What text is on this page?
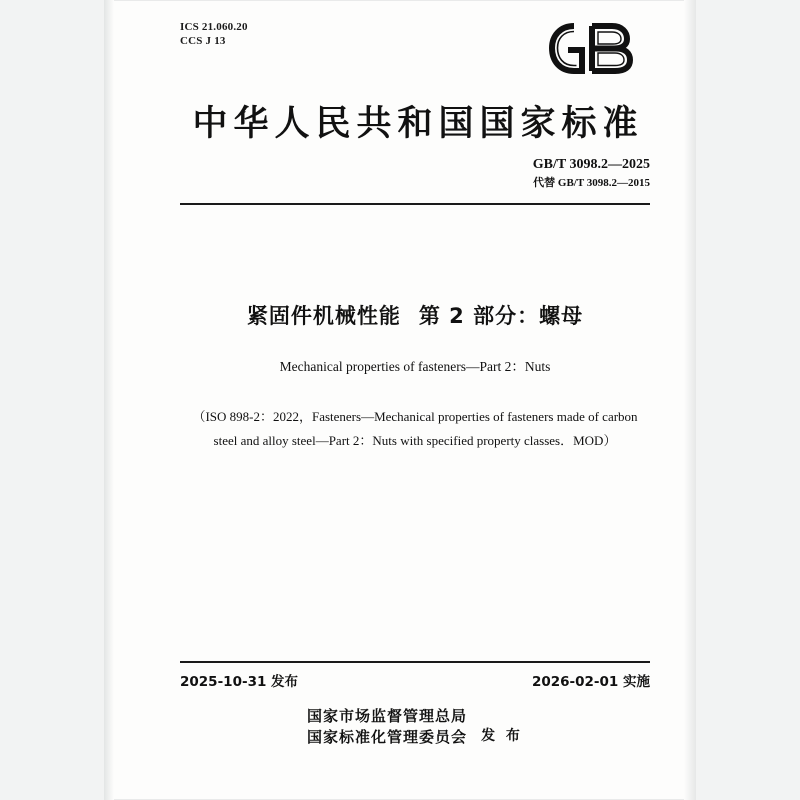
ICS 21.060.20
CCS J 13
中华人民共和国国家标准
GB/T 3098.2—2025
代替 GB/T 3098.2—2015
紧固件机械性能 第 2 部分：螺母
Mechanical properties of fasteners—Part 2：Nuts
（ISO 898-2：2022，Fasteners—Mechanical properties of fasteners made of carbon
steel and alloy steel—Part 2：Nuts with specified property classes．MOD）
2025-10-31 发布	2026-02-01 实施
国家市场监督管理总局
国家标准化管理委员会 发 布
